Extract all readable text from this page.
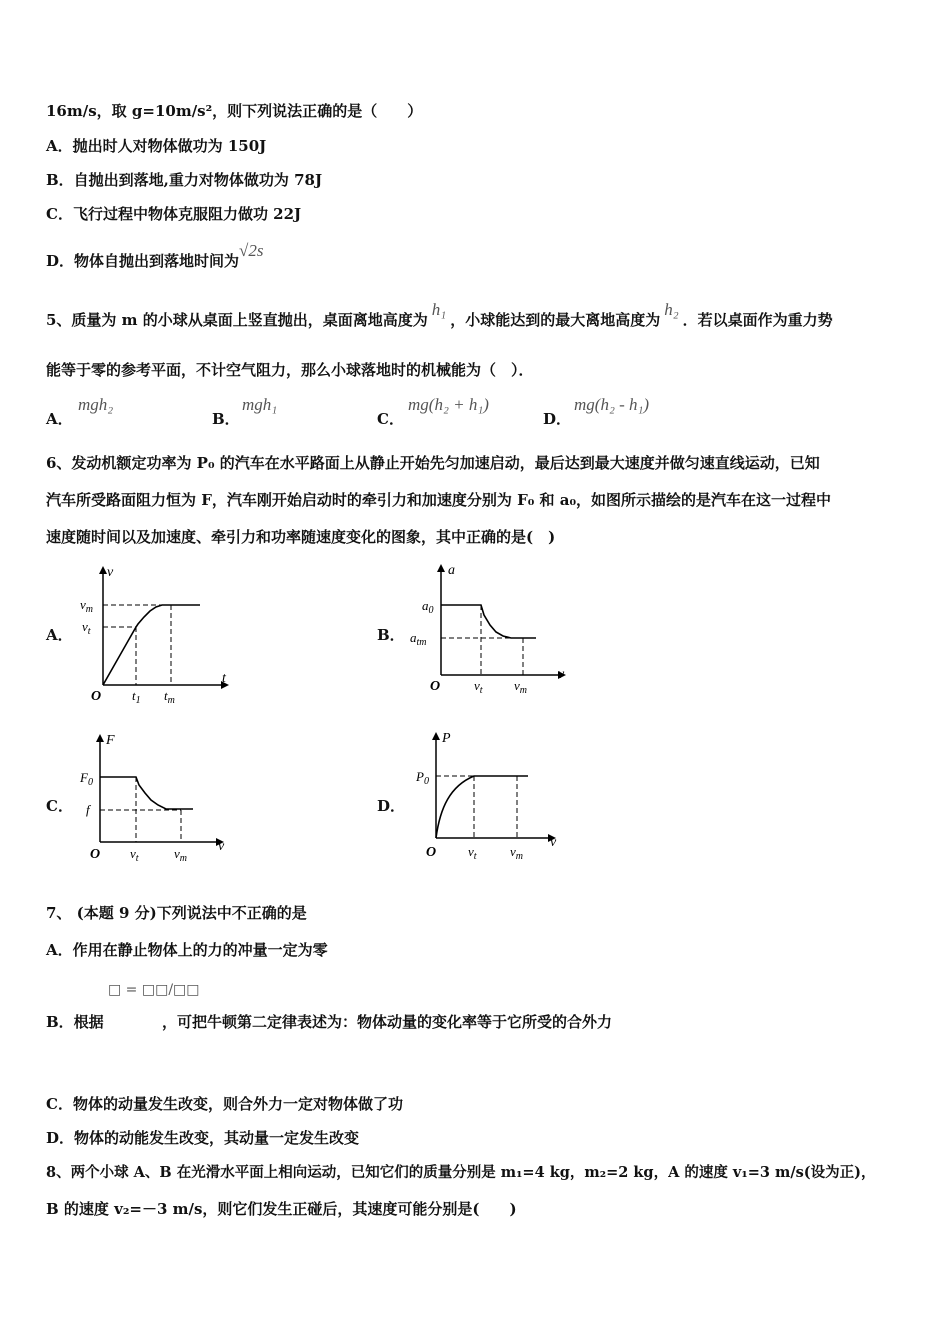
16m/s，取 g=10m/s²，则下列说法正确的是（　　）
A．抛出时人对物体做功为 150J
B．自抛出到落地,重力对物体做功为 78J
C．飞行过程中物体克服阻力做功 22J
D．物体自抛出到落地时间为√2s
5、质量为 m 的小球从桌面上竖直抛出，桌面离地高度为h₁，小球能达到的最大离地高度为h₂．若以桌面作为重力势
能等于零的参考平面，不计空气阻力，那么小球落地时的机械能为（　）．
A．
mgh₂
B．
mgh₁
C．
mg(h₂ + h₁)
D．
mg(h₂ - h₁)
6、发动机额定功率为 P₀ 的汽车在水平路面上从静止开始先匀加速启动，最后达到最大速度并做匀速直线运动，已知
汽车所受路面阻力恒为 F，汽车刚开始启动时的牵引力和加速度分别为 F₀ 和 a₀，如图所示描绘的是汽车在这一过程中
速度随时间以及加速度、牵引力和功率随速度变化的图象，其中正确的是(　)
A．
v
t
O
$v_m$
$v_t$
$t_1$ $t_m$
B．
a
v
O
$a_0$
$a_{tm}$
$v_t$ $v_m$
C．
F
v
O
$F_0$
f
$v_t$	$v_m$
D．
P
v
O
$P_0$
$v_t$	$v_m$
7、 (本题 9 分)下列说法中不正确的是
A．作用在静止物体上的力的冲量一定为零
□ = □□/□□
B．根据	，可把牛顿第二定律表述为：物体动量的变化率等于它所受的合外力
C．物体的动量发生改变，则合外力一定对物体做了功
D．物体的动能发生改变，其动量一定发生改变
8、两个小球 A、B 在光滑水平面上相向运动，已知它们的质量分别是 m₁=4 kg，m₂=2 kg，A 的速度 v₁=3 m/s(设为正)，
B 的速度 v₂=－3 m/s，则它们发生正碰后，其速度可能分别是(　　)
